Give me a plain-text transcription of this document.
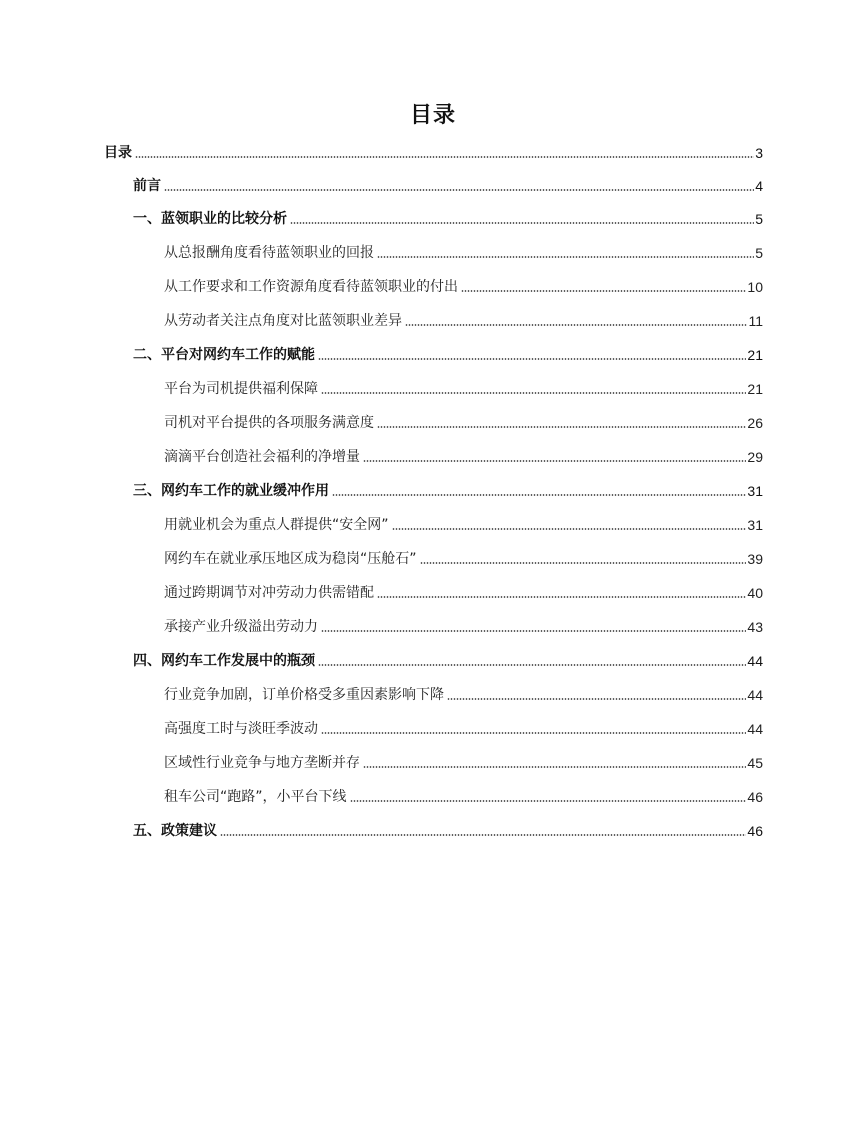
目录
目录	3
前言	4
一、蓝领职业的比较分析	5
从总报酬角度看待蓝领职业的回报	5
从工作要求和工作资源角度看待蓝领职业的付出	10
从劳动者关注点角度对比蓝领职业差异	11
二、平台对网约车工作的赋能	21
平台为司机提供福利保障	21
司机对平台提供的各项服务满意度	26
滴滴平台创造社会福利的净增量	29
三、网约车工作的就业缓冲作用	31
用就业机会为重点人群提供“安全网”	31
网约车在就业承压地区成为稳岗“压舱石”	39
通过跨期调节对冲劳动力供需错配	40
承接产业升级溢出劳动力	43
四、网约车工作发展中的瓶颈	44
行业竞争加剧，订单价格受多重因素影响下降	44
高强度工时与淡旺季波动	44
区域性行业竞争与地方垄断并存	45
租车公司“跑路”，小平台下线	46
五、政策建议	46
